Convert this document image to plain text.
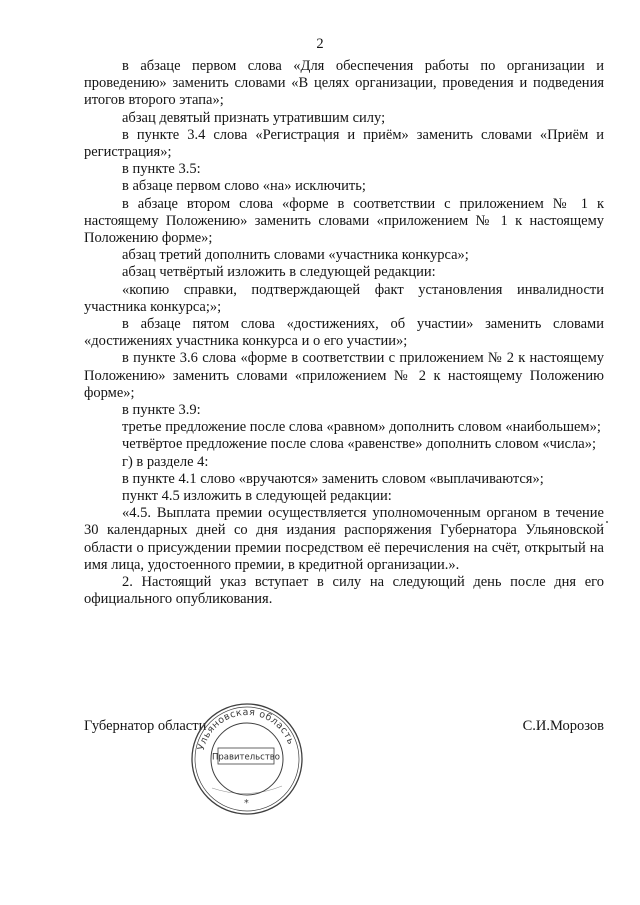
2

в абзаце первом слова «Для обеспечения работы по организации и проведению» заменить словами «В целях организации, проведения и подведения итогов второго этапа»;

абзац девятый признать утратившим силу;

в пункте 3.4 слова «Регистрация и приём» заменить словами «Приём и регистрация»;

в пункте 3.5:

в абзаце первом слово «на» исключить;

в абзаце втором слова «форме в соответствии с приложением № 1 к настоящему Положению» заменить словами «приложением № 1 к настоящему Положению форме»;

абзац третий дополнить словами «участника конкурса»;

абзац четвёртый изложить в следующей редакции:

«копию справки, подтверждающей факт установления инвалидности участника конкурса;»;

в абзаце пятом слова «достижениях, об участии» заменить словами «достижениях участника конкурса и о его участии»;

в пункте 3.6 слова «форме в соответствии с приложением № 2 к настоящему Положению» заменить словами «приложением № 2 к настоящему Положению форме»;

в пункте 3.9:

третье предложение после слова «равном» дополнить словом «наибольшем»;

четвёртое предложение после слова «равенстве» дополнить словом «числа»;

г) в разделе 4:

в пункте 4.1 слово «вручаются» заменить словом «выплачиваются»;

пункт 4.5 изложить в следующей редакции:

«4.5. Выплата премии осуществляется уполномоченным органом в течение 30 календарных дней со дня издания распоряжения Губернатора Ульяновской области о присуждении премии посредством её перечисления на счёт, открытый на имя лица, удостоенного премии, в кредитной организации.».

2. Настоящий указ вступает в силу на следующий день после дня его официального опубликования.

Губернатор области	С.И.Морозов
Ульяновская область
*
Правительство
